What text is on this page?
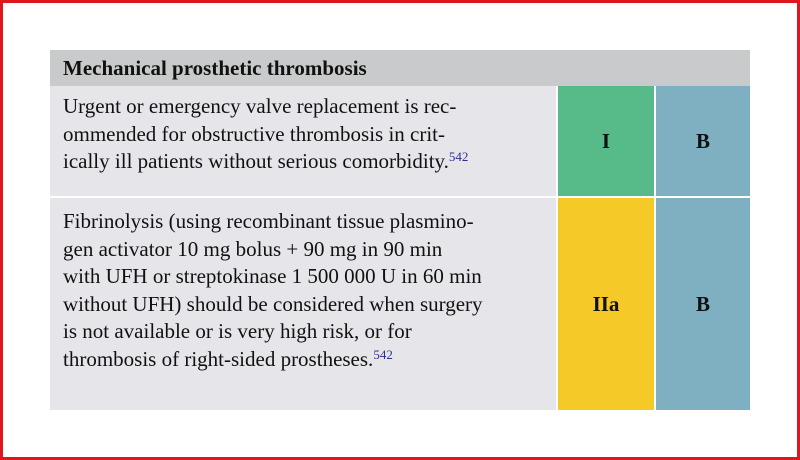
Mechanical prosthetic thrombosis
Urgent or emergency valve replacement is rec-
ommended for obstructive thrombosis in crit-
ically ill patients without serious comorbidity.$^{542}$
I	B
Fibrinolysis (using recombinant tissue plasmino-
gen activator 10 mg bolus + 90 mg in 90 min
with UFH or streptokinase 1 500 000 U in 60 min
without UFH) should be considered when surgery
is not available or is very high risk, or for
thrombosis of right-sided prostheses.$^{542}$
IIa	B
